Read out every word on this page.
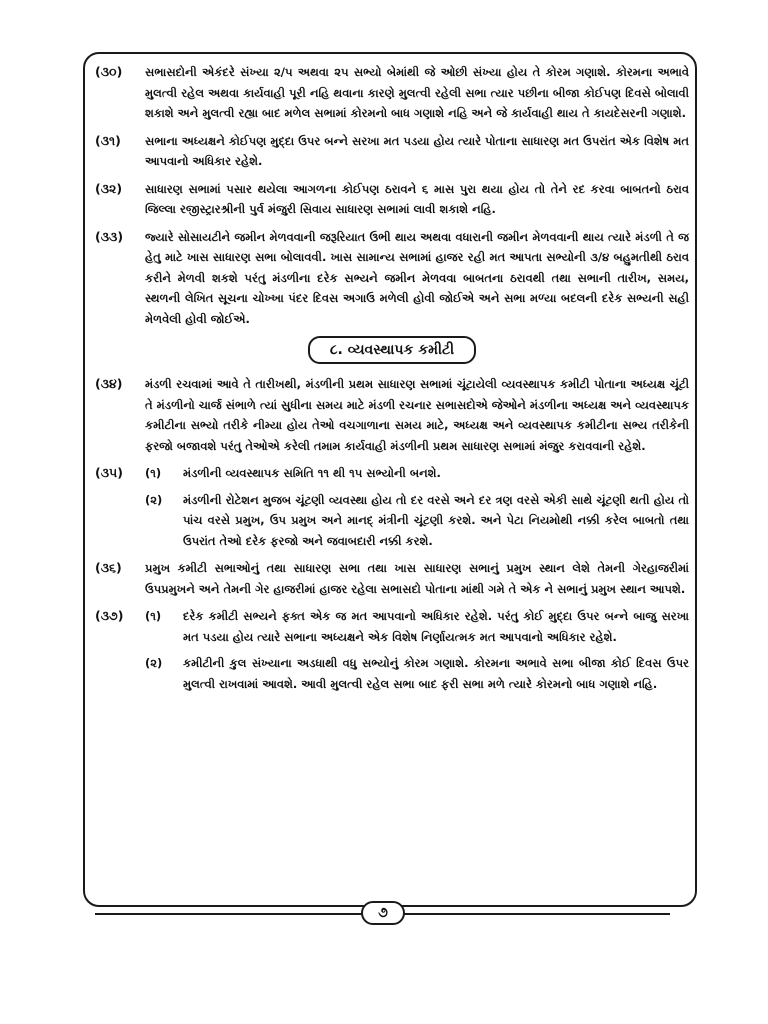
(૩૦)	સભાસદોની એકંદરે સંખ્યા ૨/૫ અથવા ૨૫ સભ્યો બેમાંથી જે ઓછી સંખ્યા હોય તે કોરમ ગણાશે. કોરમના અભાવે મુલત્વી રહેલ અથવા કાર્યવાહી પૂરી નહિ થવાના કારણે મુલત્વી રહેલી સભા ત્યાર પછીના બીજા કોઈપણ દિવસે બોલાવી શકાશે અને મુલત્વી રહ્યા બાદ મળેલ સભામાં કોરમનો બાધ ગણાશે નહિ અને જે કાર્યવાહી થાય તે કાયદેસરની ગણાશે.
(૩૧)	સભાના અધ્યક્ષને કોઈપણ મુદ્દા ઉપર બન્ને સરખા મત પડયા હોય ત્યારે પોતાના સાધારણ મત ઉપરાંત એક વિશેષ મત આપવાનો અધિકાર રહેશે.
(૩૨)	સાધારણ સભામાં પસાર થયેલા આગળના કોઈપણ ઠરાવને ૬ માસ પુરા થયા હોય તો તેને રદ કરવા બાબતનો ઠરાવ જિલ્લા રજીસ્ટ્રારશ્રીની પુર્વ મંજુરી સિવાય સાધારણ સભામાં લાવી શકાશે નહિ.
(૩૩)	જ્યારે સોસાયટીને જમીન મેળવવાની જરૂરિયાત ઉભી થાય અથવા વધારાની જમીન મેળવવાની થાય ત્યારે મંડળી તે જ હેતુ માટે ખાસ સાધારણ સભા બોલાવવી. ખાસ સામાન્ય સભામાં હાજર રહી મત આપતા સભ્યોની ૩/૪ બહુમતીથી ઠરાવ કરીને મેળવી શકશે પરંતુ મંડળીના દરેક સભ્યને જમીન મેળવવા બાબતના ઠરાવથી તથા સભાની તારીખ, સમય, સ્થળની લેખિત સૂચના ચોખ્ખા પંદર દિવસ અગાઉ મળેલી હોવી જોઈએ અને સભા મળ્યા બદલની દરેક સભ્યની સહી મેળવેલી હોવી જોઈએ.
૮. વ્યવસ્થાપક કમીટી
(૩૪)	મંડળી રચવામાં આવે તે તારીખથી, મંડળીની પ્રથમ સાધારણ સભામાં ચૂંટાયેલી વ્યવસ્થાપક કમીટી પોતાના અધ્યક્ષ ચૂંટી તે મંડળીનો ચાર્જ સંભાળે ત્યાં સુધીના સમય માટે મંડળી રચનાર સભાસદોએ જેઓને મંડળીના અધ્યક્ષ અને વ્યવસ્થાપક કમીટીના સભ્યો તરીકે નીમ્યા હોય તેઓ વચગાળાના સમય માટે, અધ્યક્ષ અને વ્યવસ્થાપક કમીટીના સભ્ય તરીકેની ફરજો બજાવશે પરંતુ તેઓએ કરેલી તમામ કાર્યવાહી મંડળીની પ્રથમ સાધારણ સભામાં મંજુર કરાવવાની રહેશે.
(૩૫)	(૧)	મંડળીની વ્યવસ્થાપક સમિતિ ૧૧ થી ૧૫ સભ્યોની બનશે.
(૨)	મંડળીની રોટેશન મુજબ ચૂંટણી વ્યવસ્થા હોય તો દર વરસે અને દર ત્રણ વરસે એકી સાથે ચૂંટણી થતી હોય તો પાંચ વરસે પ્રમુખ, ઉપ પ્રમુખ અને માનદ્ મંત્રીની ચૂંટણી કરશે. અને પેટા નિયમોથી નક્કી કરેલ બાબતો તથા ઉપરાંત તેઓ દરેક ફરજો અને જવાબદારી નક્કી કરશે.
(૩૬)	પ્રમુખ કમીટી સભાઓનું તથા સાધારણ સભા તથા ખાસ સાધારણ સભાનું પ્રમુખ સ્થાન લેશે તેમની ગેરહાજરીમાં ઉપપ્રમુખને અને તેમની ગેર હાજરીમાં હાજર રહેલા સભાસદો પોતાના માંથી ગમે તે એક ને સભાનું પ્રમુખ સ્થાન આપશે.
(૩૭)	(૧)	દરેક કમીટી સભ્યને ફક્ત એક જ મત આપવાનો અધિકાર રહેશે. પરંતુ કોઈ મુદ્દા ઉપર બન્ને બાજુ સરખા મત પડયા હોય ત્યારે સભાના અધ્યક્ષને એક વિશેષ નિર્ણાયત્મક મત આપવાનો અધિકાર રહેશે.
(૨)	કમીટીની કુલ સંખ્યાના અડધાથી વધુ સભ્યોનું કોરમ ગણાશે. કોરમના અભાવે સભા બીજા કોઈ દિવસ ઉપર મુલત્વી રાખવામાં આવશે. આવી મુલત્વી રહેલ સભા બાદ ફરી સભા મળે ત્યારે કોરમનો બાધ ગણાશે નહિ.
૭
